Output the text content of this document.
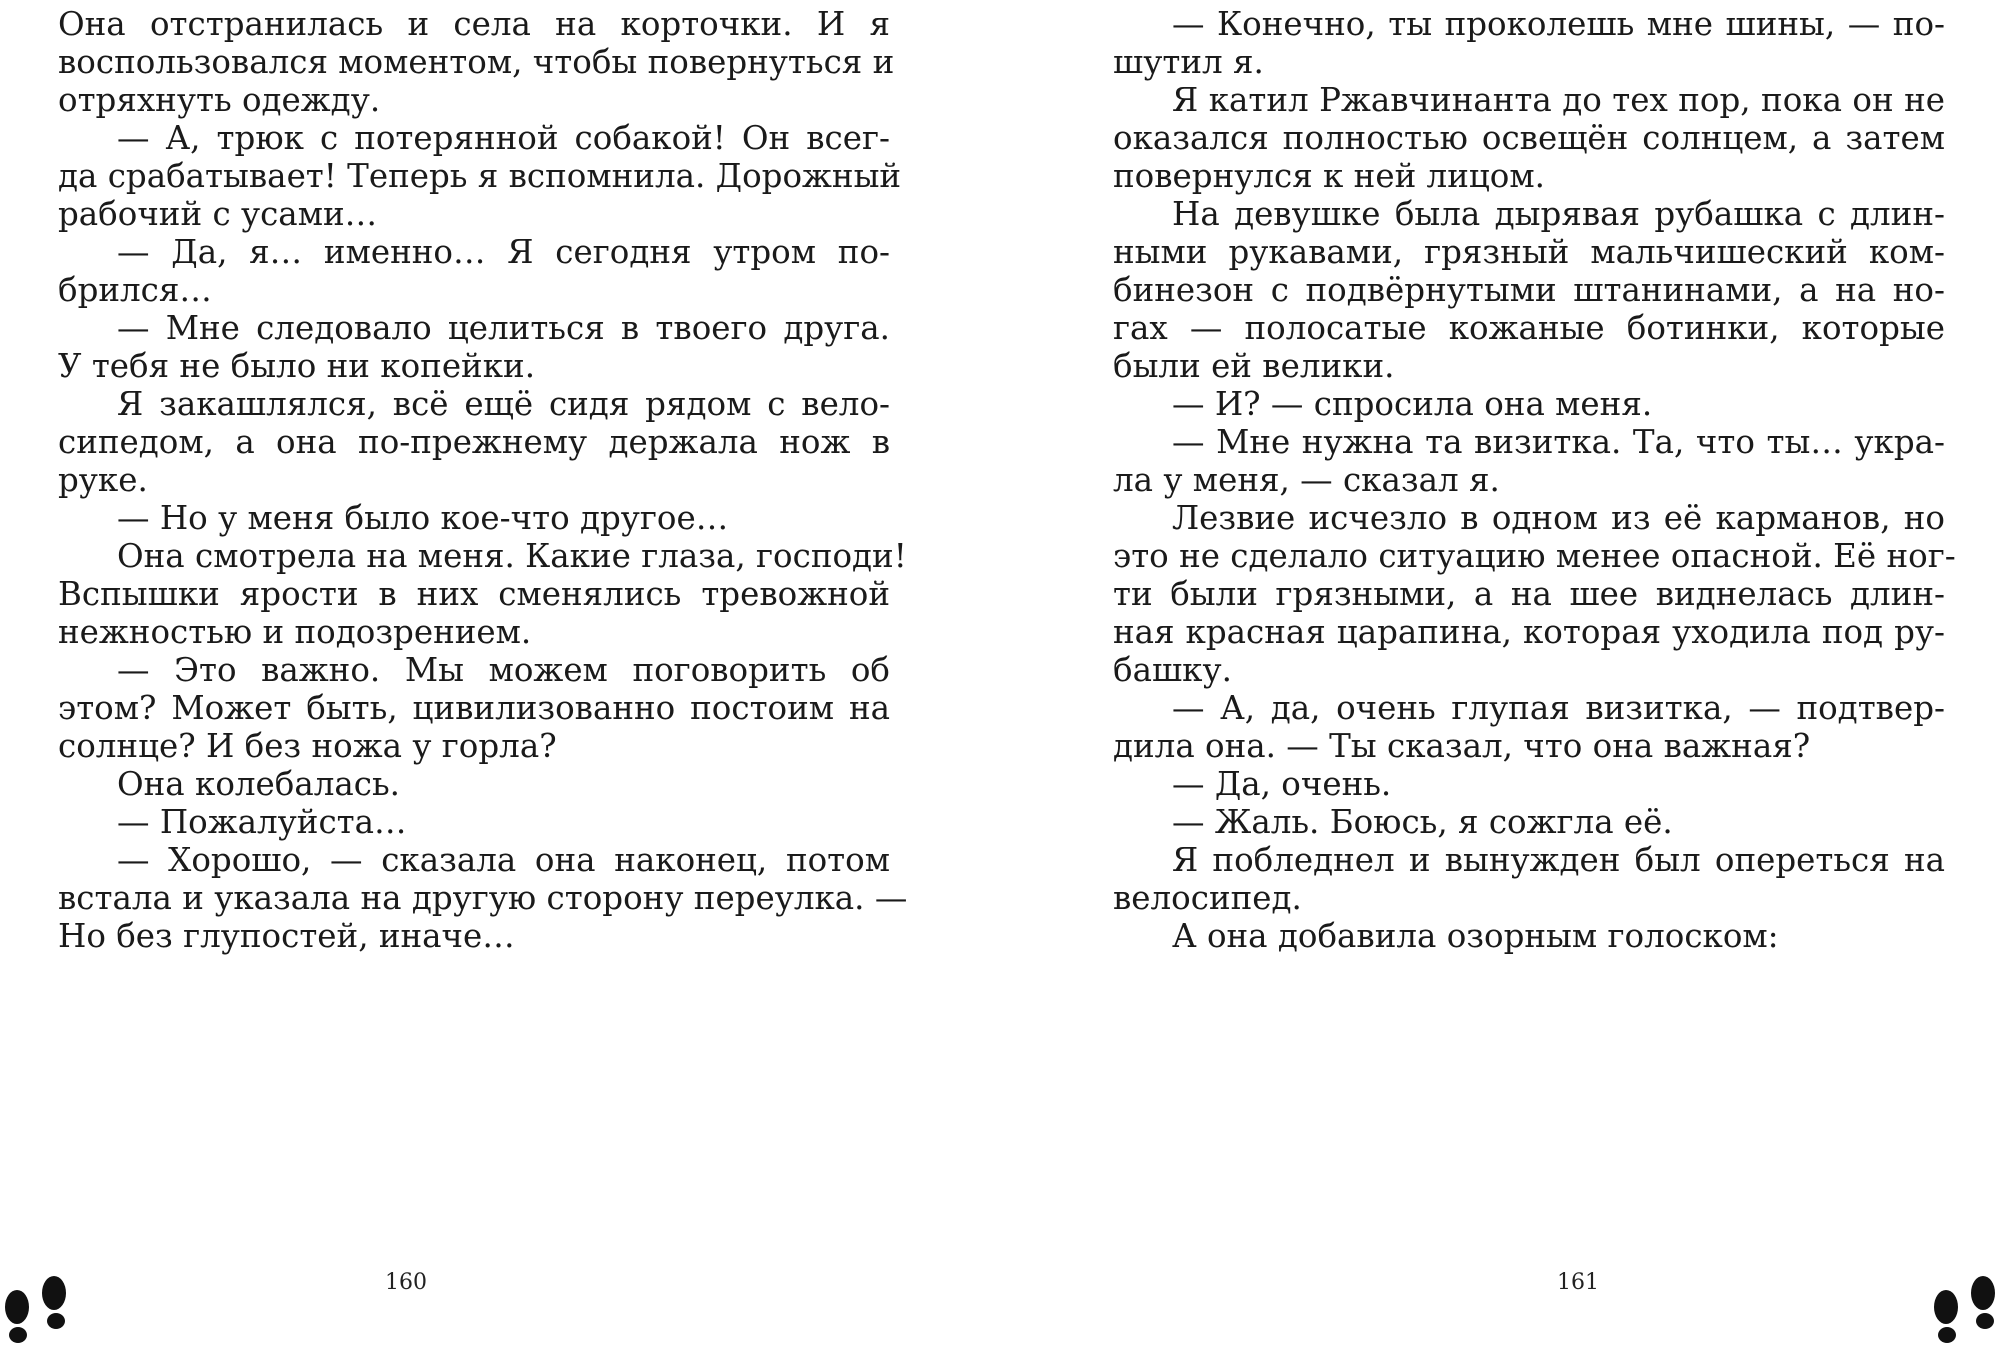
Она отстранилась и села на корточки. И я
воспользовался моментом, чтобы повернуться и
отряхнуть одежду.
— А, трюк с потерянной собакой! Он всег-
да срабатывает! Теперь я вспомнила. Дорожный
рабочий с усами…
— Да, я… именно… Я сегодня утром по-
брился…
— Мне следовало целиться в твоего друга.
У тебя не было ни копейки.
Я закашлялся, всё ещё сидя рядом с вело-
сипедом, а она по-прежнему держала нож в
руке.
— Но у меня было кое-что другое…
Она смотрела на меня. Какие глаза, господи!
Вспышки ярости в них сменялись тревожной
нежностью и подозрением.
— Это важно. Мы можем поговорить об
этом? Может быть, цивилизованно постоим на
солнце? И без ножа у горла?
Она колебалась.
— Пожалуйста…
— Хорошо, — сказала она наконец, потом
встала и указала на другую сторону переулка. —
Но без глупостей, иначе…
— Конечно, ты проколешь мне шины, — по-
шутил я.
Я катил Ржавчинанта до тех пор, пока он не
оказался полностью освещён солнцем, а затем
повернулся к ней лицом.
На девушке была дырявая рубашка с длин-
ными рукавами, грязный мальчишеский ком-
бинезон с подвёрнутыми штанинами, а на но-
гах — полосатые кожаные ботинки, которые
были ей велики.
— И? — спросила она меня.
— Мне нужна та визитка. Та, что ты… укра-
ла у меня, — сказал я.
Лезвие исчезло в одном из её карманов, но
это не сделало ситуацию менее опасной. Её ног-
ти были грязными, а на шее виднелась длин-
ная красная царапина, которая уходила под ру-
башку.
— А, да, очень глупая визитка, — подтвер-
дила она. — Ты сказал, что она важная?
— Да, очень.
— Жаль. Боюсь, я сожгла её.
Я побледнел и вынужден был опереться на
велосипед.
А она добавила озорным голоском:
160	161
